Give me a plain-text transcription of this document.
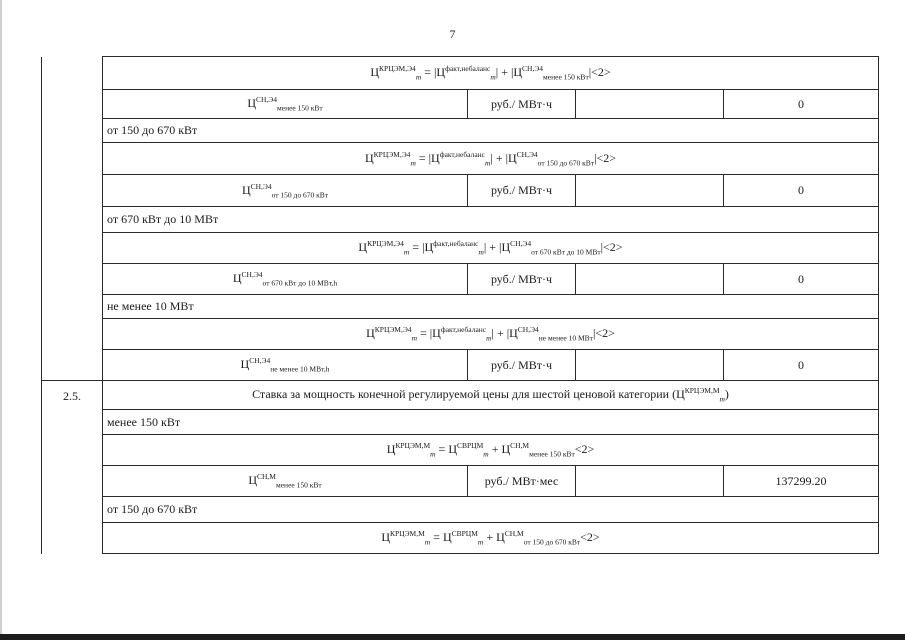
7
	$Ц^{КРЦЭМ,Э4}_m = |Ц^{факт,небаланс}_m| + |Ц^{СН,Э4}_{менее 150 кВт}|<2>$			
	$Ц^{СН,Э4}_{менее 150 кВт}$	руб./ МВт·ч		0
	от 150 до 670 кВт			
	$Ц^{КРЦЭМ,Э4}_m = |Ц^{факт,небаланс}_m| + |Ц^{СН,Э4}_{от 150 до 670 кВт}|<2>$			
	$Ц^{СН,Э4}_{от 150 до 670 кВт}$	руб./ МВт·ч		0
	от 670 кВт до 10 МВт			
	$Ц^{КРЦЭМ,Э4}_m = |Ц^{факт,небаланс}_m| + |Ц^{СН,Э4}_{от 670 кВт до 10 МВт}|<2>$			
	$Ц^{СН,Э4}_{от 670 кВт до 10 МВт,h}$	руб./ МВт·ч		0
	не менее 10 МВт			
	$Ц^{КРЦЭМ,Э4}_m = |Ц^{факт,небаланс}_m| + |Ц^{СН,Э4}_{не менее 10 МВт}|<2>$			
	$Ц^{СН,Э4}_{не менее 10 МВт,h}$	руб./ МВт·ч		0
2.5.	Ставка за мощность конечной регулируемой цены для шестой ценовой категории $(Ц^{КРЦЭМ,М}_m)$			
	менее 150 кВт			
	$Ц^{КРЦЭМ,М}_m = Ц^{СВРЦМ}_m + Ц^{СН,М}_{менее 150 кВт}<2>$			
	$Ц^{СН,М}_{менее 150 кВт}$	руб./ МВт·мес		137299.20
	от 150 до 670 кВт			
	$Ц^{КРЦЭМ,М}_m = Ц^{СВРЦМ}_m + Ц^{СН,М}_{от 150 до 670 кВт}<2>$			
